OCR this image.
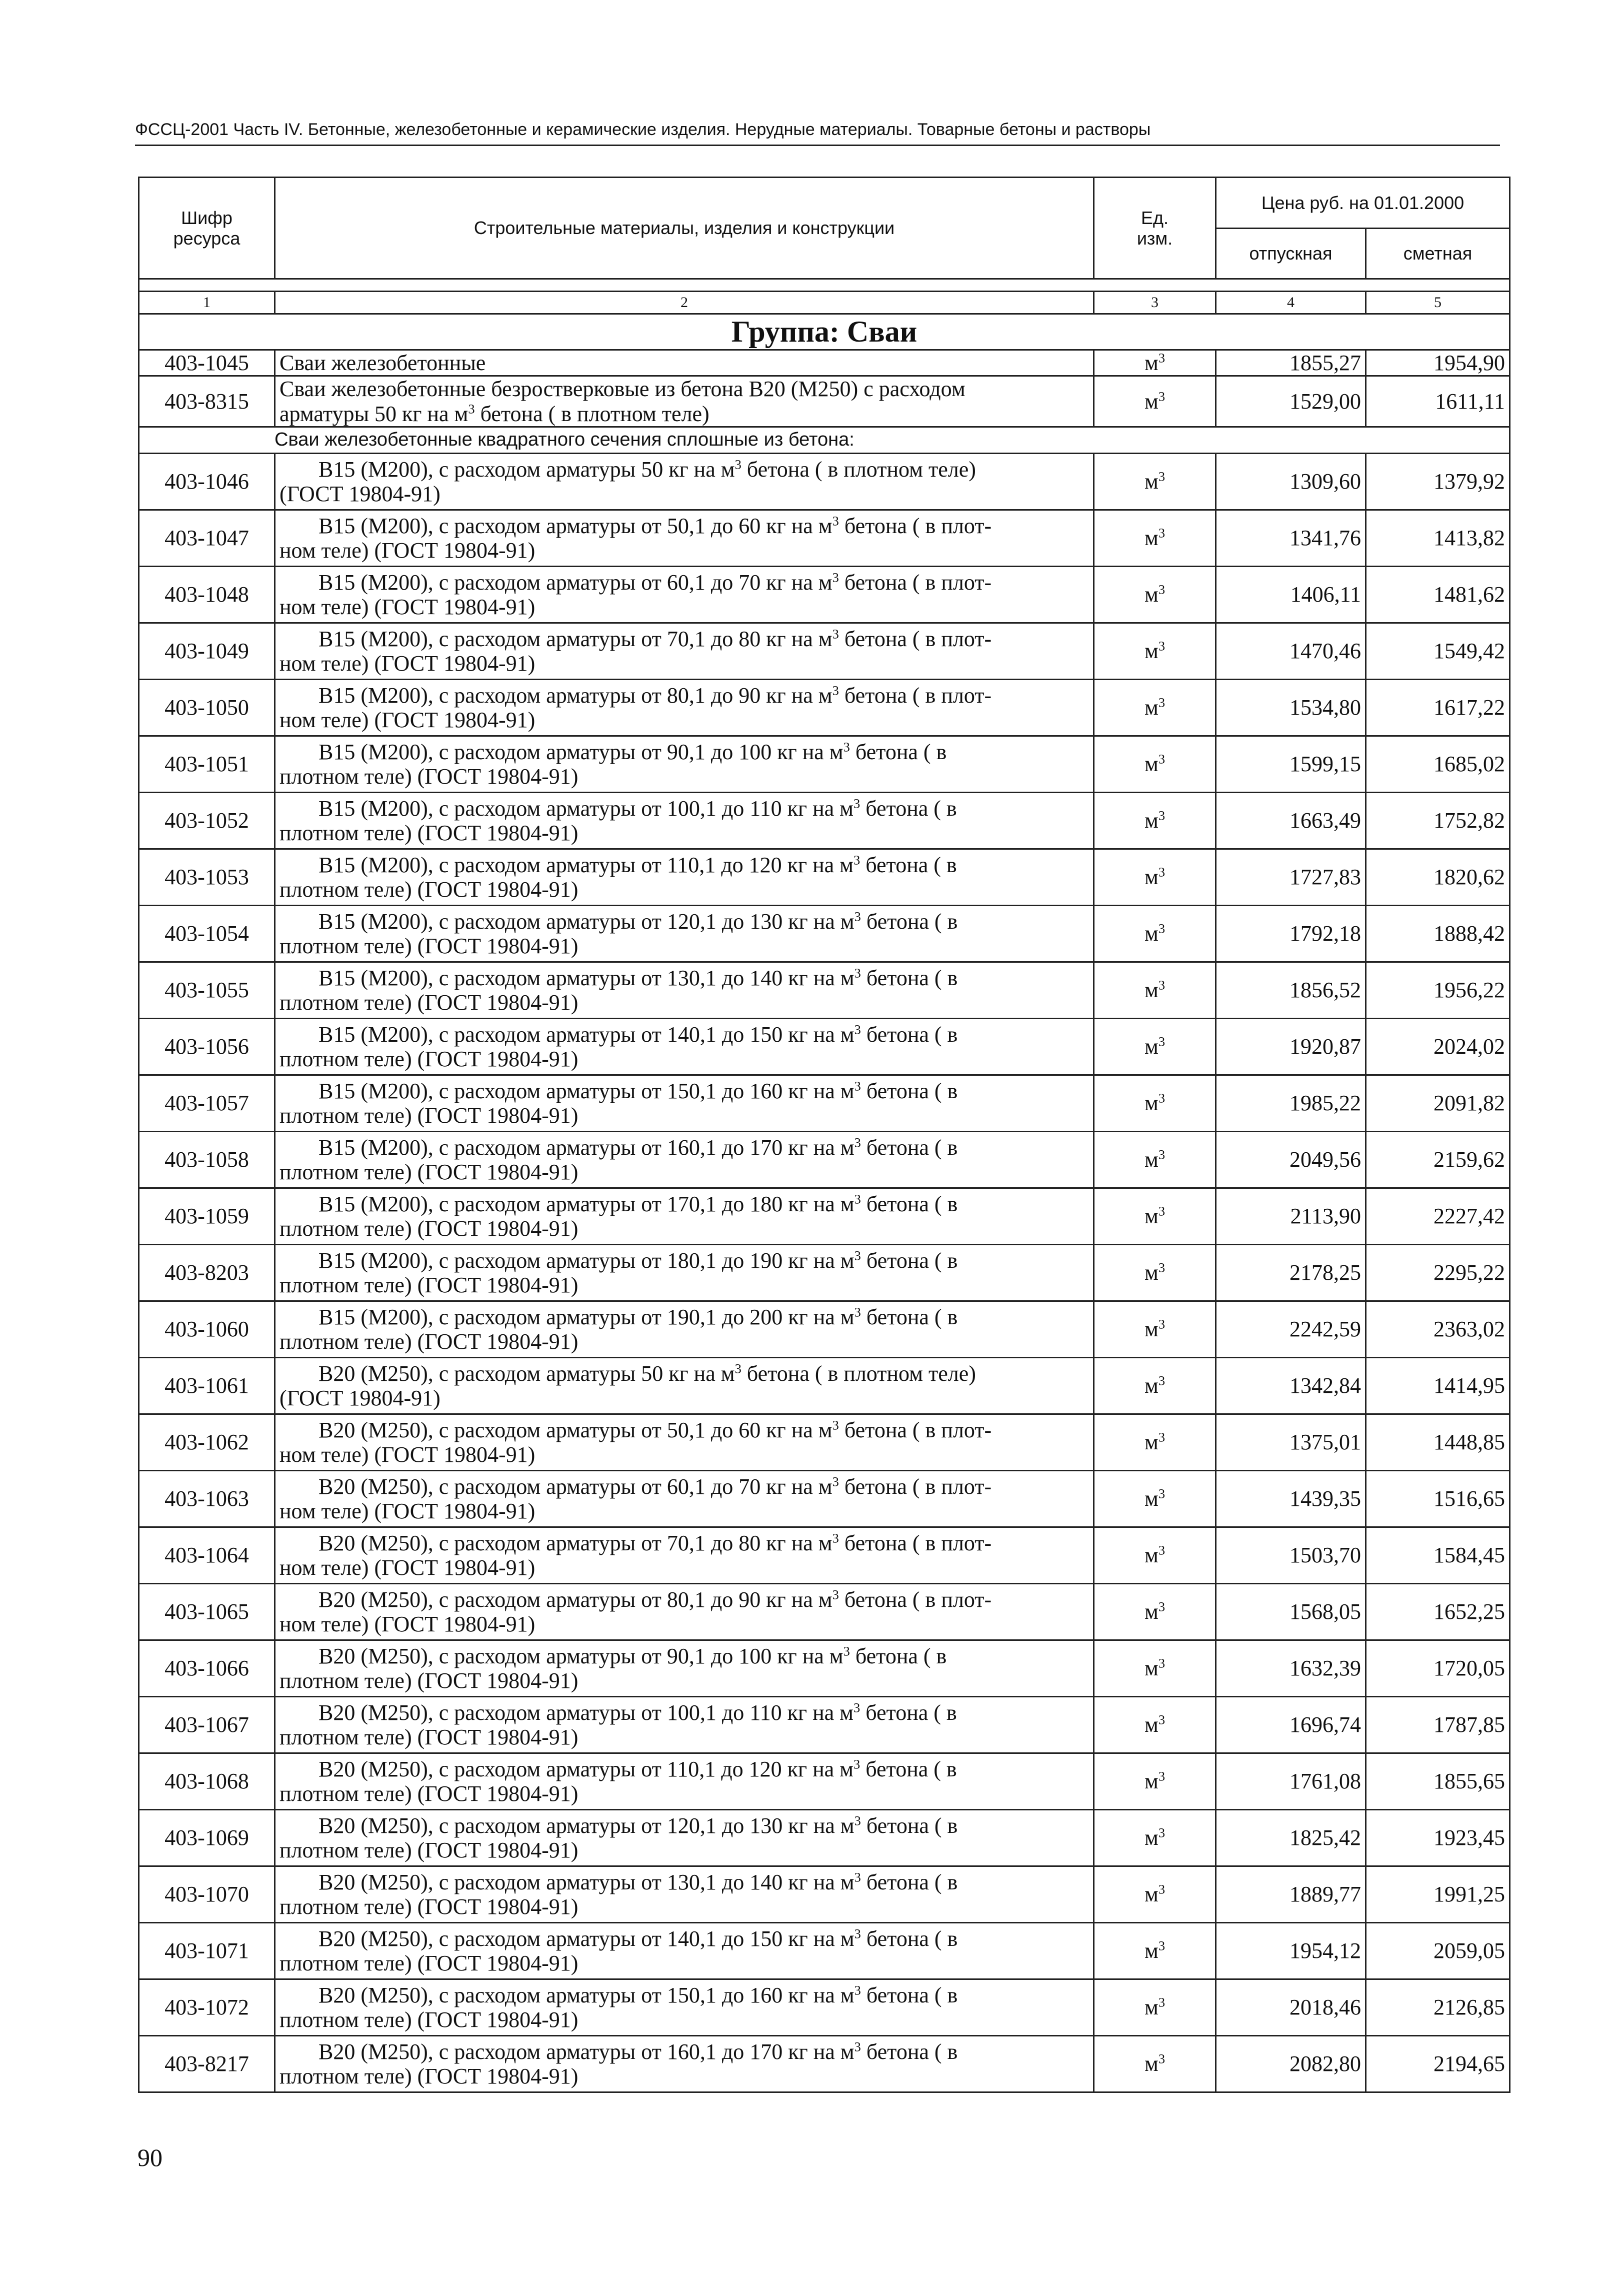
ФССЦ-2001 Часть IV. Бетонные, железобетонные и керамические изделия. Нерудные материалы. Товарные бетоны и растворы
Шифр ресурса	Строительные материалы, изделия и конструкции	Ед. изм.	Цена руб. на 01.01.2000	
			отпускная	сметная

1	2	3	4	5
Группа: Сваи				
403-1045	Сваи железобетонные	$м^3$	1855,27	1954,90
403-8315	Сваи железобетонные безростверковые из бетона В20 (М250) с расходом
арматуры 50 кг на $м^3$ бетона ( в плотном теле)	$м^3$	1529,00	1611,11
Сваи железобетонные квадратного сечения сплошные из бетона:				
403-1046	В15 (М200), с расходом арматуры 50 кг на $м^3$ бетона ( в плотном теле)
(ГОСТ 19804-91)	$м^3$	1309,60	1379,92
403-1047	В15 (М200), с расходом арматуры от 50,1 до 60 кг на $м^3$ бетона ( в плот-
ном теле) (ГОСТ 19804-91)	$м^3$	1341,76	1413,82
403-1048	В15 (М200), с расходом арматуры от 60,1 до 70 кг на $м^3$ бетона ( в плот-
ном теле) (ГОСТ 19804-91)	$м^3$	1406,11	1481,62
403-1049	В15 (М200), с расходом арматуры от 70,1 до 80 кг на $м^3$ бетона ( в плот-
ном теле) (ГОСТ 19804-91)	$м^3$	1470,46	1549,42
403-1050	В15 (М200), с расходом арматуры от 80,1 до 90 кг на $м^3$ бетона ( в плот-
ном теле) (ГОСТ 19804-91)	$м^3$	1534,80	1617,22
403-1051	В15 (М200), с расходом арматуры от 90,1 до 100 кг на $м^3$ бетона ( в
плотном теле) (ГОСТ 19804-91)	$м^3$	1599,15	1685,02
403-1052	В15 (М200), с расходом арматуры от 100,1 до 110 кг на $м^3$ бетона ( в
плотном теле) (ГОСТ 19804-91)	$м^3$	1663,49	1752,82
403-1053	В15 (М200), с расходом арматуры от 110,1 до 120 кг на $м^3$ бетона ( в
плотном теле) (ГОСТ 19804-91)	$м^3$	1727,83	1820,62
403-1054	В15 (М200), с расходом арматуры от 120,1 до 130 кг на $м^3$ бетона ( в
плотном теле) (ГОСТ 19804-91)	$м^3$	1792,18	1888,42
403-1055	В15 (М200), с расходом арматуры от 130,1 до 140 кг на $м^3$ бетона ( в
плотном теле) (ГОСТ 19804-91)	$м^3$	1856,52	1956,22
403-1056	В15 (М200), с расходом арматуры от 140,1 до 150 кг на $м^3$ бетона ( в
плотном теле) (ГОСТ 19804-91)	$м^3$	1920,87	2024,02
403-1057	В15 (М200), с расходом арматуры от 150,1 до 160 кг на $м^3$ бетона ( в
плотном теле) (ГОСТ 19804-91)	$м^3$	1985,22	2091,82
403-1058	В15 (М200), с расходом арматуры от 160,1 до 170 кг на $м^3$ бетона ( в
плотном теле) (ГОСТ 19804-91)	$м^3$	2049,56	2159,62
403-1059	В15 (М200), с расходом арматуры от 170,1 до 180 кг на $м^3$ бетона ( в
плотном теле) (ГОСТ 19804-91)	$м^3$	2113,90	2227,42
403-8203	В15 (М200), с расходом арматуры от 180,1 до 190 кг на $м^3$ бетона ( в
плотном теле) (ГОСТ 19804-91)	$м^3$	2178,25	2295,22
403-1060	В15 (М200), с расходом арматуры от 190,1 до 200 кг на $м^3$ бетона ( в
плотном теле) (ГОСТ 19804-91)	$м^3$	2242,59	2363,02
403-1061	В20 (М250), с расходом арматуры 50 кг на $м^3$ бетона ( в плотном теле)
(ГОСТ 19804-91)	$м^3$	1342,84	1414,95
403-1062	В20 (М250), с расходом арматуры от 50,1 до 60 кг на $м^3$ бетона ( в плот-
ном теле) (ГОСТ 19804-91)	$м^3$	1375,01	1448,85
403-1063	В20 (М250), с расходом арматуры от 60,1 до 70 кг на $м^3$ бетона ( в плот-
ном теле) (ГОСТ 19804-91)	$м^3$	1439,35	1516,65
403-1064	В20 (М250), с расходом арматуры от 70,1 до 80 кг на $м^3$ бетона ( в плот-
ном теле) (ГОСТ 19804-91)	$м^3$	1503,70	1584,45
403-1065	В20 (М250), с расходом арматуры от 80,1 до 90 кг на $м^3$ бетона ( в плот-
ном теле) (ГОСТ 19804-91)	$м^3$	1568,05	1652,25
403-1066	В20 (М250), с расходом арматуры от 90,1 до 100 кг на $м^3$ бетона ( в
плотном теле) (ГОСТ 19804-91)	$м^3$	1632,39	1720,05
403-1067	В20 (М250), с расходом арматуры от 100,1 до 110 кг на $м^3$ бетона ( в
плотном теле) (ГОСТ 19804-91)	$м^3$	1696,74	1787,85
403-1068	В20 (М250), с расходом арматуры от 110,1 до 120 кг на $м^3$ бетона ( в
плотном теле) (ГОСТ 19804-91)	$м^3$	1761,08	1855,65
403-1069	В20 (М250), с расходом арматуры от 120,1 до 130 кг на $м^3$ бетона ( в
плотном теле) (ГОСТ 19804-91)	$м^3$	1825,42	1923,45
403-1070	В20 (М250), с расходом арматуры от 130,1 до 140 кг на $м^3$ бетона ( в
плотном теле) (ГОСТ 19804-91)	$м^3$	1889,77	1991,25
403-1071	В20 (М250), с расходом арматуры от 140,1 до 150 кг на $м^3$ бетона ( в
плотном теле) (ГОСТ 19804-91)	$м^3$	1954,12	2059,05
403-1072	В20 (М250), с расходом арматуры от 150,1 до 160 кг на $м^3$ бетона ( в
плотном теле) (ГОСТ 19804-91)	$м^3$	2018,46	2126,85
403-8217	В20 (М250), с расходом арматуры от 160,1 до 170 кг на $м^3$ бетона ( в
плотном теле) (ГОСТ 19804-91)	$м^3$	2082,80	2194,65
90
